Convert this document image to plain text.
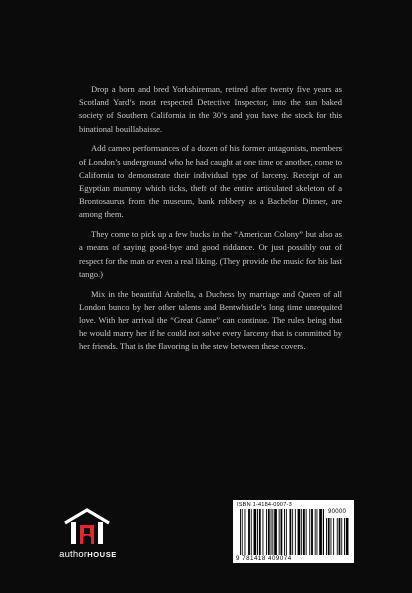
Drop a born and bred Yorkshireman, retired after twenty five years as Scotland Yard’s most respected Detective Inspector, into the sun baked society of Southern California in the 30’s and you have the stock for this binational bouillabaisse.

Add cameo performances of a dozen of his former antagonists, members of London’s underground who he had caught at one time or another, come to California to demonstrate their individual type of larceny. Receipt of an Egyptian mummy which ticks, theft of the entire articulated skeleton of a Brontosaurus from the museum, bank robbery as a Bachelor Dinner, are among them.

They come to pick up a few bucks in the “American Colony” but also as a means of saying good-bye and good riddance. Or just possibly out of respect for the man or even a real liking. (They provide the music for his last tango.)

Mix in the beautiful Arabella, a Duchess by marriage and Queen of all London bunco by her other talents and Bentwhistle’s long time unrequited love. With her arrival the “Great Game” can continue. The rules being that he would marry her if he could not solve every larceny that is committed by her friends. That is the flavoring in the stew between these covers.

authorHOUSE
ISBN 1-4184-0907-3
90000
9 781418 409074
